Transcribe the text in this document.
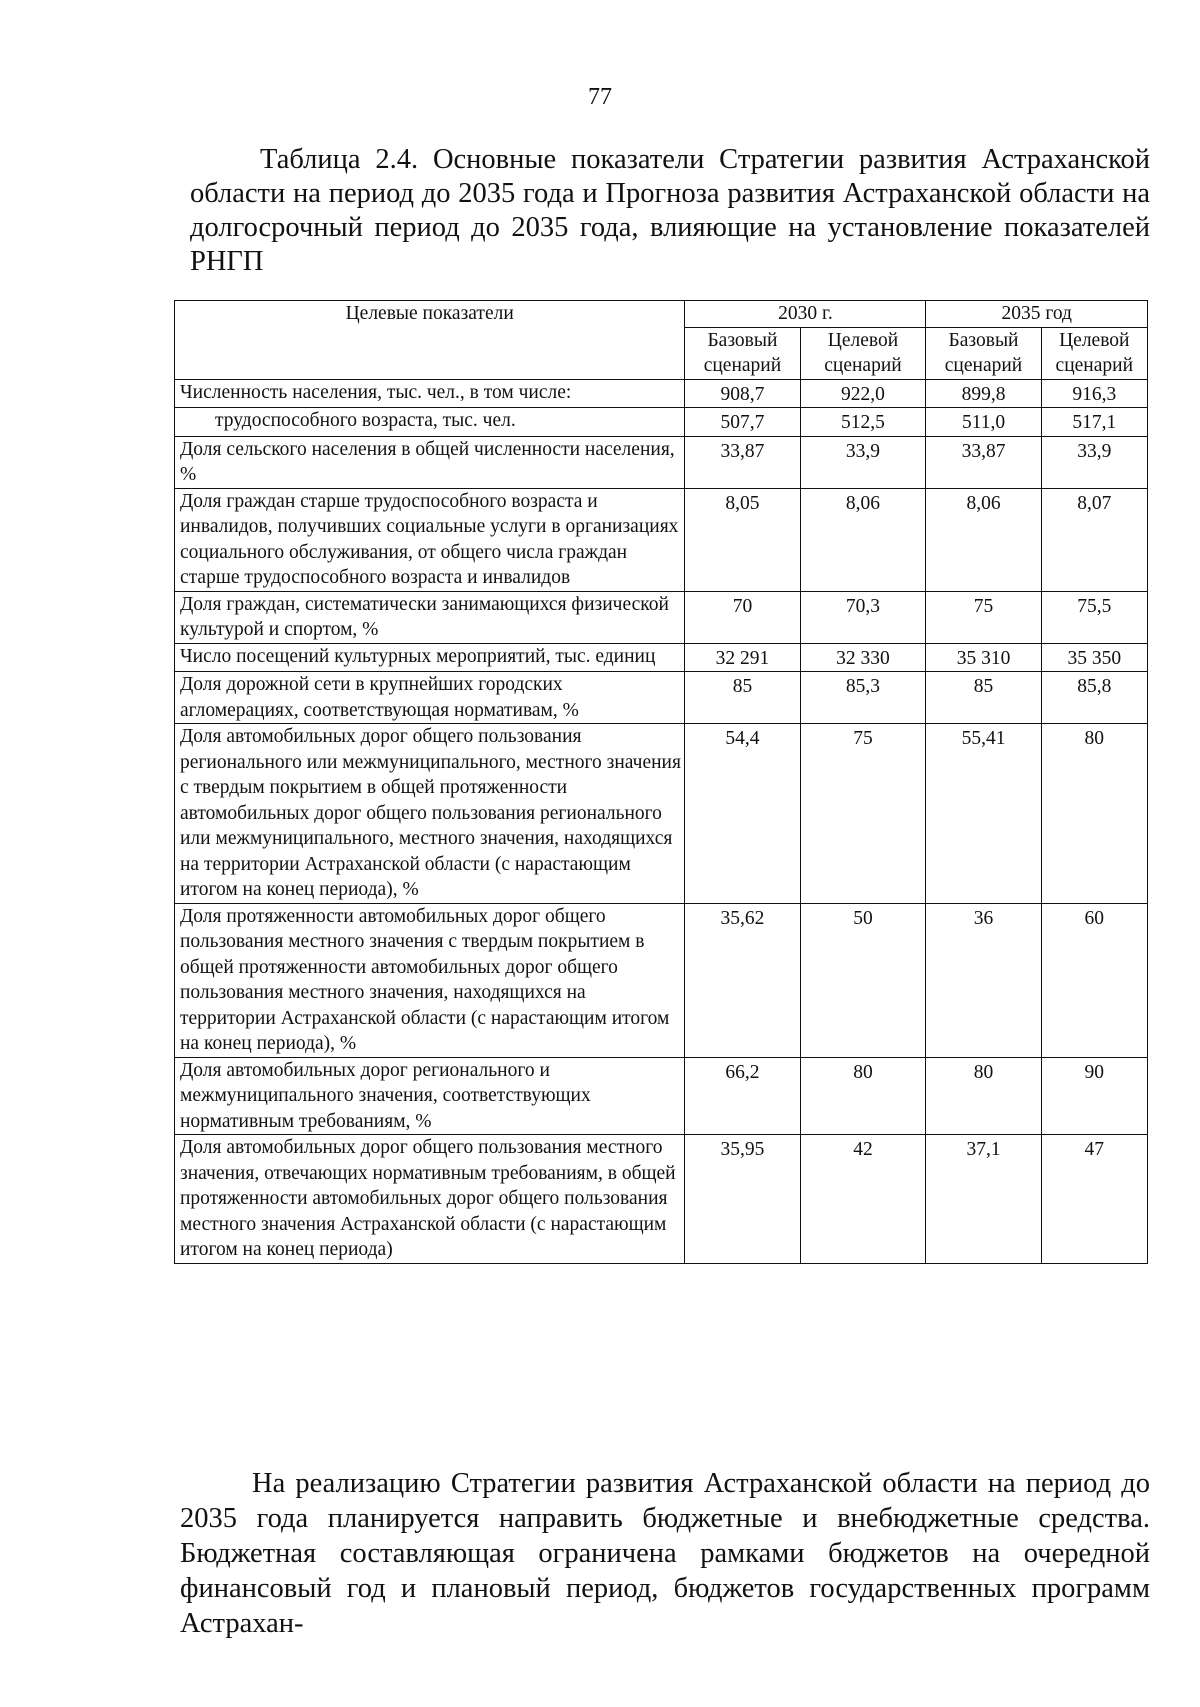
77
Таблица 2.4. Основные показатели Стратегии развития Астраханской области на период до 2035 года и Прогноза развития Астраханской области на долгосрочный период до 2035 года, влияющие на установление показателей РНГП
Целевые показатели	2030 г.		2035 год	
	Базовый сценарий	Целевой сценарий	Базовый сценарий	Целевой сценарий
Численность населения, тыс. чел., в том числе:	908,7	922,0	899,8	916,3
трудоспособного возраста, тыс. чел.	507,7	512,5	511,0	517,1
Доля сельского населения в общей численности населения, %	33,87	33,9	33,87	33,9
Доля граждан старше трудоспособного возраста и инвалидов, получивших социальные услуги в организациях социального обслуживания, от общего числа граждан старше трудоспособного возраста и инвалидов	8,05	8,06	8,06	8,07
Доля граждан, систематически занимающихся физической культурой и спортом, %	70	70,3	75	75,5
Число посещений культурных мероприятий, тыс. единиц	32 291	32 330	35 310	35 350
Доля дорожной сети в крупнейших городских агломерациях, соответствующая нормативам, %	85	85,3	85	85,8
Доля автомобильных дорог общего пользования регионального или межмуниципального, местного значения с твердым покрытием в общей протяженности автомобильных дорог общего пользования регионального или межмуниципального, местного значения, находящихся на территории Астраханской области (с нарастающим итогом на конец периода), %	54,4	75	55,41	80
Доля протяженности автомобильных дорог общего пользования местного значения с твердым покрытием в общей протяженности автомобильных дорог общего пользования местного значения, находящихся на территории Астраханской области (с нарастающим итогом на конец периода), %	35,62	50	36	60
Доля автомобильных дорог регионального и межмуниципального значения, соответствующих нормативным требованиям, %	66,2	80	80	90
Доля автомобильных дорог общего пользования местного значения, отвечающих нормативным требованиям, в общей протяженности автомобильных дорог общего пользования местного значения Астраханской области (с нарастающим итогом на конец периода)	35,95	42	37,1	47
На реализацию Стратегии развития Астраханской области на период до 2035 года планируется направить бюджетные и внебюджетные средства. Бюджетная составляющая ограничена рамками бюджетов на очередной финансовый год и плановый период, бюджетов государственных программ Астрахан-
